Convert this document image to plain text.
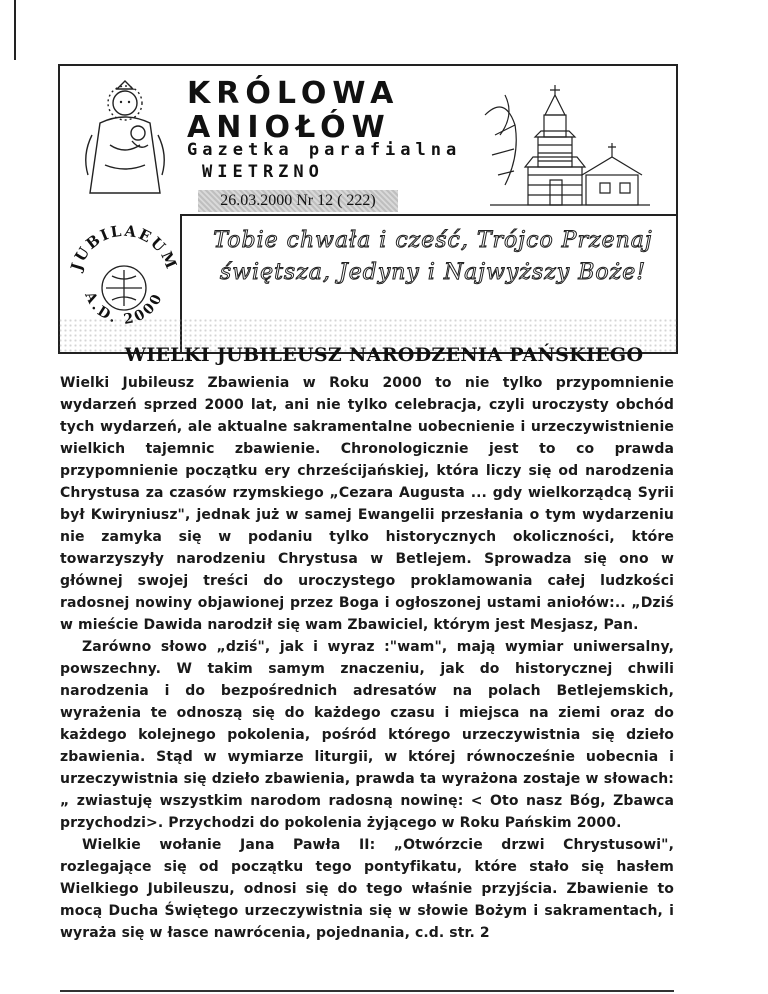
KRÓLOWA
ANIOŁÓW
Gazetka parafialna
WIETRZNO
26.03.2000 Nr 12 ( 222)
JUBILAEUM
A.D. 2000
Tobie chwała i cześć, Trójco Przenaj
świętsza, Jedyny i Najwyższy Boże!
WIELKI JUBILEUSZ NARODZENIA PAŃSKIEGO

Wielki Jubileusz Zbawienia w Roku 2000 to nie tylko przypomnienie wydarzeń sprzed 2000 lat, ani nie tylko celebracja, czyli uroczysty obchód tych wydarzeń, ale aktualne sakramentalne uobecnienie i urzeczywistnienie wielkich tajemnic zbawienie. Chronologicznie jest to co prawda przypomnienie początku ery chrześcijańskiej, która liczy się od narodzenia Chrystusa za czasów rzymskiego „Cezara Augusta ... gdy wielkorządcą Syrii był Kwiryniusz", jednak już w samej Ewangelii przesłania o tym wydarzeniu nie zamyka się w podaniu tylko historycznych okoliczności, które towarzyszyły narodzeniu Chrystusa w Betlejem. Sprowadza się ono w głównej swojej treści do uroczystego proklamowania całej ludzkości radosnej nowiny objawionej przez Boga i ogłoszonej ustami aniołów:.. „Dziś w mieście Dawida narodził się wam Zbawiciel, którym jest Mesjasz, Pan.

Zarówno słowo „dziś", jak i wyraz :"wam", mają wymiar uniwersalny, powszechny. W takim samym znaczeniu, jak do historycznej chwili narodzenia i do bezpośrednich adresatów na polach Betlejemskich, wyrażenia te odnoszą się do każdego czasu i miejsca na ziemi oraz do każdego kolejnego pokolenia, pośród którego urzeczywistnia się dzieło zbawienia. Stąd w wymiarze liturgii, w której równocześnie uobecnia i urzeczywistnia się dzieło zbawienia, prawda ta wyrażona zostaje w słowach: „ zwiastuję wszystkim narodom radosną nowinę: < Oto nasz Bóg, Zbawca przychodzi>. Przychodzi do pokolenia żyjącego w Roku Pańskim 2000.

Wielkie wołanie Jana Pawła II: „Otwórzcie drzwi Chrystusowi", rozlegające się od początku tego pontyfikatu, które stało się hasłem Wielkiego Jubileuszu, odnosi się do tego właśnie przyjścia. Zbawienie to mocą Ducha Świętego urzeczywistnia się w słowie Bożym i sakramentach, i wyraża się w łasce nawrócenia, pojednania, c.d. str. 2
